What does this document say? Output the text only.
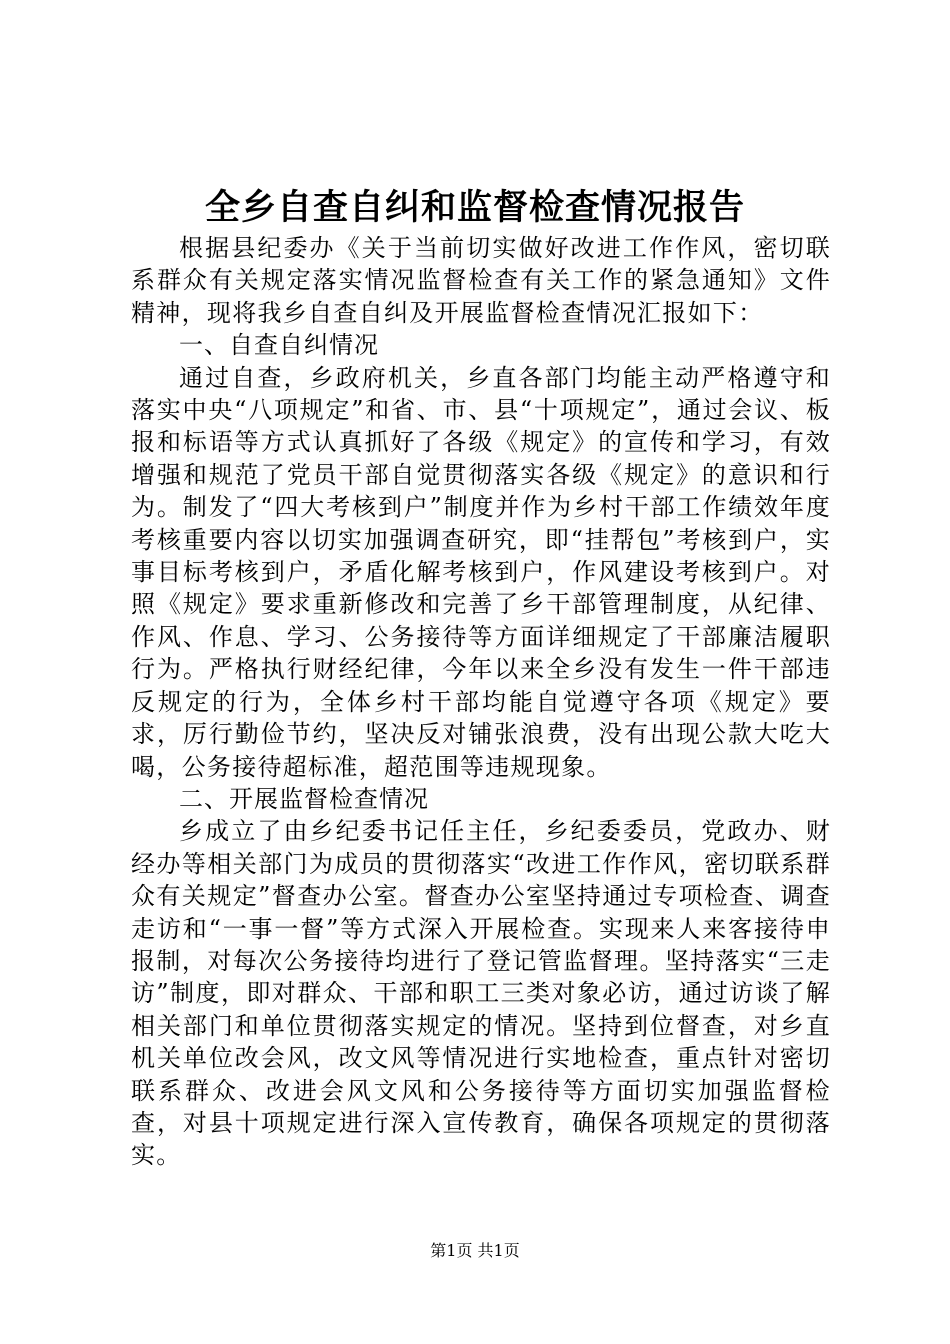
全乡自查自纠和监督检查情况报告

根据县纪委办《关于当前切实做好改进工作作风，密切联系群众有关规定落实情况监督检查有关工作的紧急通知》文件精神，现将我乡自查自纠及开展监督检查情况汇报如下：

一、自查自纠情况

通过自查，乡政府机关，乡直各部门均能主动严格遵守和落实中央“八项规定”和省、市、县“十项规定”，通过会议、板报和标语等方式认真抓好了各级《规定》的宣传和学习，有效增强和规范了党员干部自觉贯彻落实各级《规定》的意识和行为。制发了“四大考核到户”制度并作为乡村干部工作绩效年度考核重要内容以切实加强调查研究，即“挂帮包”考核到户，实事目标考核到户，矛盾化解考核到户，作风建设考核到户。对照《规定》要求重新修改和完善了乡干部管理制度，从纪律、作风、作息、学习、公务接待等方面详细规定了干部廉洁履职行为。严格执行财经纪律，今年以来全乡没有发生一件干部违反规定的行为，全体乡村干部均能自觉遵守各项《规定》要求，厉行勤俭节约，坚决反对铺张浪费，没有出现公款大吃大喝，公务接待超标准，超范围等违规现象。

二、开展监督检查情况

乡成立了由乡纪委书记任主任，乡纪委委员，党政办、财经办等相关部门为成员的贯彻落实“改进工作作风，密切联系群众有关规定”督查办公室。督查办公室坚持通过专项检查、调查走访和“一事一督”等方式深入开展检查。实现来人来客接待申报制，对每次公务接待均进行了登记管监督理。坚持落实“三走访”制度，即对群众、干部和职工三类对象必访，通过访谈了解相关部门和单位贯彻落实规定的情况。坚持到位督查，对乡直机关单位改会风，改文风等情况进行实地检查，重点针对密切联系群众、改进会风文风和公务接待等方面切实加强监督检查，对县十项规定进行深入宣传教育，确保各项规定的贯彻落实。

第1页 共1页
